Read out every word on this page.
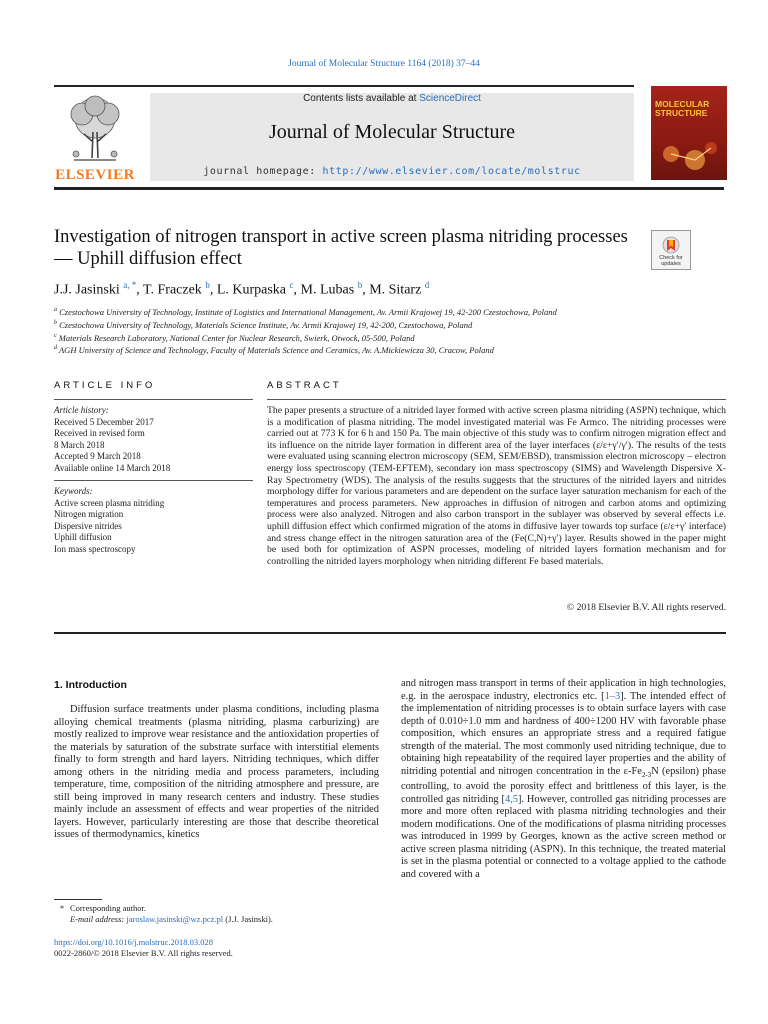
Journal of Molecular Structure 1164 (2018) 37–44
ELSEVIER
Contents lists available at ScienceDirect
Journal of Molecular Structure
journal homepage: http://www.elsevier.com/locate/molstruc
MOLECULAR STRUCTURE
Investigation of nitrogen transport in active screen plasma nitriding processes — Uphill diffusion effect	Check for updates
J.J. Jasinski $^{a, *}$, T. Fraczek $^b$, L. Kurpaska $^c$, M. Lubas $^b$, M. Sitarz $^d$
$^a$ Czestochowa University of Technology, Institute of Logistics and International Management, Av. Armii Krajowej 19, 42-200 Czestochowa, Poland
$^b$ Czestochowa University of Technology, Materials Science Institute, Av. Armii Krajowej 19, 42-200, Czestochowa, Poland
$^c$ Materials Research Laboratory, National Center for Nuclear Research, Swierk, Otwock, 05-500, Poland
$^d$ AGH University of Science and Technology, Faculty of Materials Science and Ceramics, Av. A.Mickiewicza 30, Cracow, Poland
ARTICLE INFO
Article history:
Received 5 December 2017
Received in revised form
8 March 2018
Accepted 9 March 2018
Available online 14 March 2018
Keywords:
Active screen plasma nitriding
Nitrogen migration
Dispersive nitrides
Uphill diffusion
Ion mass spectroscopy
ABSTRACT
The paper presents a structure of a nitrided layer formed with active screen plasma nitriding (ASPN) technique, which is a modification of plasma nitriding. The model investigated material was Fe Armco. The nitriding processes were carried out at 773 K for 6 h and 150 Pa. The main objective of this study was to confirm nitrogen migration effect and its influence on the nitride layer formation in different area of the layer interfaces (ε/ε+γ′/γ′). The results of the tests were evaluated using scanning electron microscopy (SEM, SEM/EBSD), transmission electron microscopy – electron energy loss spectroscopy (TEM-EFTEM), secondary ion mass spectroscopy (SIMS) and Wavelength Dispersive X-Ray Spectrometry (WDS). The analysis of the results suggests that the structures of the nitrided layers and nitrides morphology differ for various parameters and are dependent on the surface layer saturation mechanism for each of the temperatures and process parameters. New approaches in diffusion of nitrogen and carbon atoms and optimizing process were also analyzed. Nitrogen and also carbon transport in the sublayer was observed by several effects i.e. uphill diffusion effect which confirmed migration of the atoms in diffusive layer towards top surface (ε/ε+γ′ interface) and stress change effect in the nitrogen saturation area of the (Fe(C,N)+γ′) layer. Results showed in the paper might be used both for optimization of ASPN processes, modeling of nitrided layers formation mechanism and for controlling the nitrided layers morphology when nitriding different Fe based materials.
© 2018 Elsevier B.V. All rights reserved.
1. Introduction
Diffusion surface treatments under plasma conditions, including plasma alloying chemical treatments (plasma nitriding, plasma carburizing) are mostly realized to improve wear resistance and the antioxidation properties of the materials by saturation of the substrate surface with interstitial elements finally to form strength and hard layers. Nitriding techniques, which differ among others in the nitriding media and process parameters, including temperature, time, composition of the nitriding atmosphere and pressure, are still being improved in many research centers and industry. These studies mainly include an assessment of effects and wear properties of the nitrided layers. However, particularly interesting are those that describe theoretical issues of thermodynamics, kinetics
and nitrogen mass transport in terms of their application in high technologies, e.g. in the aerospace industry, electronics etc. [1–3]. The intended effect of the implementation of nitriding processes is to obtain surface layers with case depth of 0.010÷1.0 mm and hardness of 400÷1200 HV with favorable phase composition, which ensures an appropriate stress and a required fatigue strength of the material. The most commonly used nitriding technique, due to obtaining high repeatability of the required layer properties and the ability of nitriding potential and nitrogen concentration in the $\varepsilon-Fe_{2-3}N$ (epsilon) phase controlling, to avoid the porosity effect and brittleness of this layer, is the controlled gas nitriding [4,5]. However, controlled gas nitriding processes are more and more often replaced with plasma nitriding technologies and their modern modifications. One of the modifications of plasma nitriding processes was introduced in 1999 by Georges, known as the active screen method or active screen plasma nitriding (ASPN). In this technique, the treated material is set in the plasma potential or connected to a voltage applied to the cathode and covered with a
* Corresponding author.
E-mail address: jaroslaw.jasinski@wz.pcz.pl (J.J. Jasinski).
https://doi.org/10.1016/j.molstruc.2018.03.028
0022-2860/© 2018 Elsevier B.V. All rights reserved.
